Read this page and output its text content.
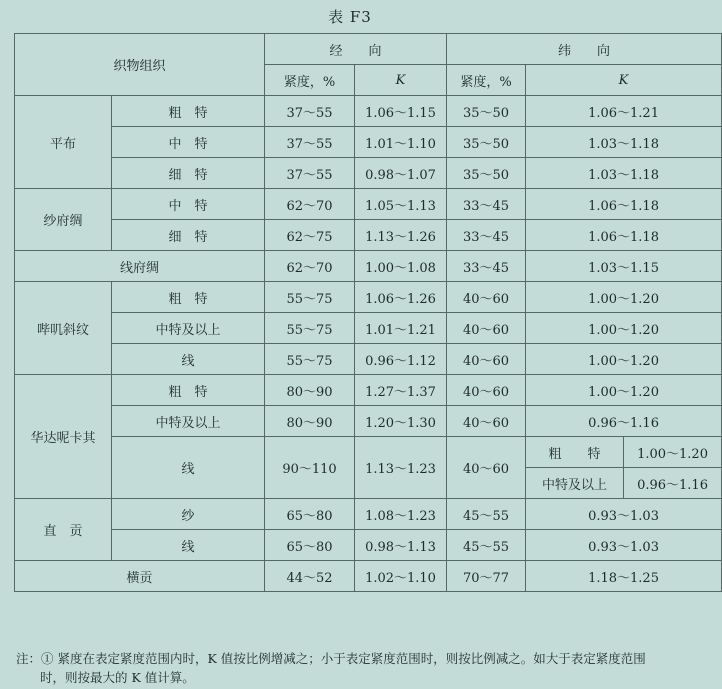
表 F3
织物组织		经　　向		纬　　向		
		紧度，%	K	紧度，%	K	
平布	粗　特	37～55	1.06～1.15	35～50	1.06～1.21	
	中　特	37～55	1.01～1.10	35～50	1.03～1.18	
	细　特	37～55	0.98～1.07	35～50	1.03～1.18	
纱府绸	中　特	62～70	1.05～1.13	33～45	1.06～1.18	
	细　特	62～75	1.13～1.26	33～45	1.06～1.18	
线府绸		62～70	1.00～1.08	33～45	1.03～1.15	
哔叽斜纹	粗　特	55～75	1.06～1.26	40～60	1.00～1.20	
	中特及以上	55～75	1.01～1.21	40～60	1.00～1.20	
	线	55～75	0.96～1.12	40～60	1.00～1.20	
华达呢卡其	粗　特	80～90	1.27～1.37	40～60	1.00～1.20	
	中特及以上	80～90	1.20～1.30	40～60	0.96～1.16	
	线	90～110	1.13～1.23	40～60	粗　　特	1.00～1.20
					中特及以上	0.96～1.16
直　贡	纱	65～80	1.08～1.23	45～55	0.93～1.03	
	线	65～80	0.98～1.13	45～55	0.93～1.03	
横贡		44～52	1.02～1.10	70～77	1.18～1.25	
注：① 紧度在表定紧度范围内时，K 值按比例增减之；小于表定紧度范围时，则按比例减之。如大于表定紧度范围
时，则按最大的 K 值计算。
